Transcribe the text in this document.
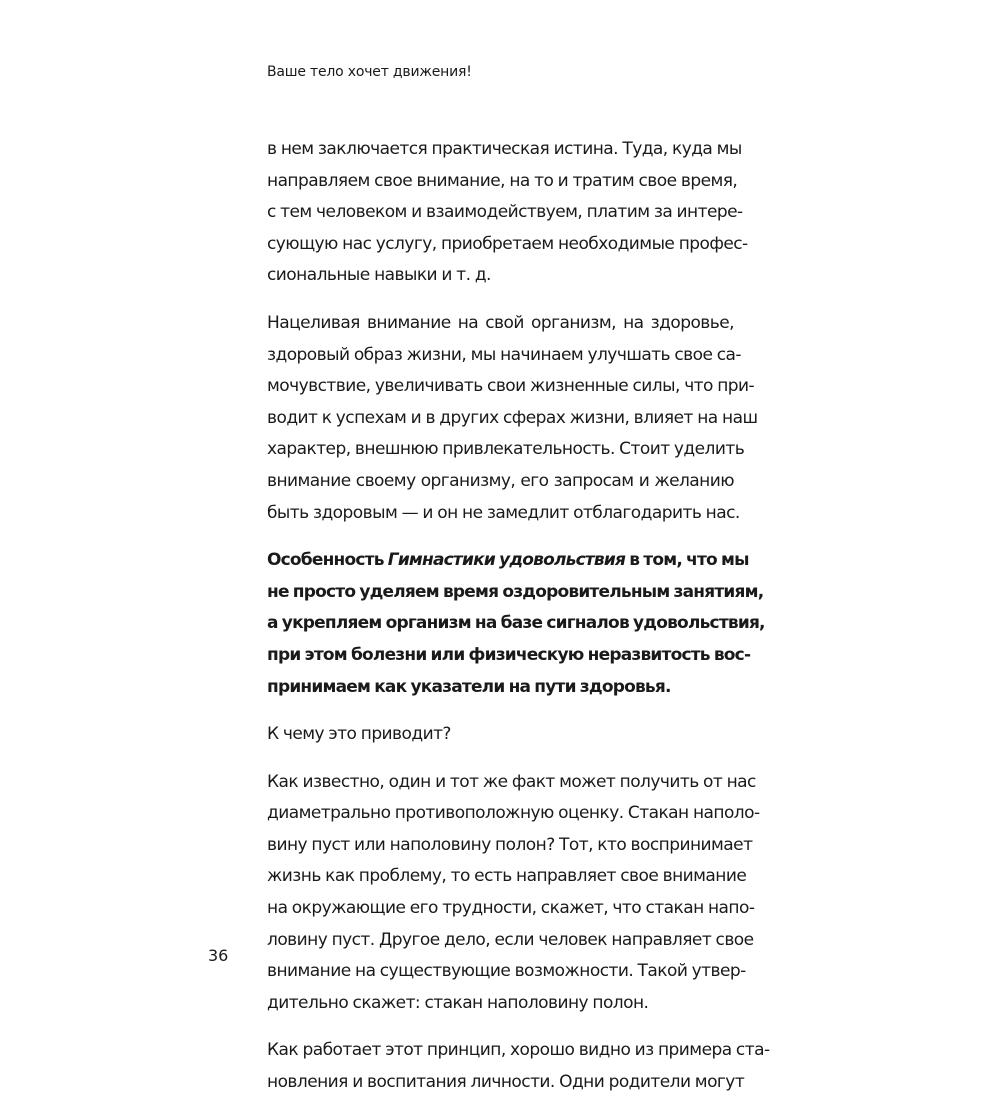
Ваше тело хочет движения!

в нем заключается практическая истина. Туда, куда мы
направляем свое внимание, на то и тратим свое время,
с тем человеком и взаимодействуем, платим за интере-
сующую нас услугу, приобретаем необходимые профес-
сиональные навыки и т. д.

Нацеливая внимание на свой организм, на здоровье,
здоровый образ жизни, мы начинаем улучшать свое са-
мочувствие, увеличивать свои жизненные силы, что при-
водит к успехам и в других сферах жизни, влияет на наш
характер, внешнюю привлекательность. Стоит уделить
внимание своему организму, его запросам и желанию
быть здоровым — и он не замедлит отблагодарить нас.

Особенность Гимнастики удовольствия в том, что мы
не просто уделяем время оздоровительным занятиям,
а укрепляем организм на базе сигналов удовольствия,
при этом болезни или физическую неразвитость вос-
принимаем как указатели на пути здоровья.

К чему это приводит?

Как известно, один и тот же факт может получить от нас
диаметрально противоположную оценку. Стакан наполо-
вину пуст или наполовину полон? Тот, кто воспринимает
жизнь как проблему, то есть направляет свое внимание
на окружающие его трудности, скажет, что стакан напо-
ловину пуст. Другое дело, если человек направляет свое
внимание на существующие возможности. Такой утвер-
дительно скажет: стакан наполовину полон.

Как работает этот принцип, хорошо видно из примера ста-
новления и воспитания личности. Одни родители могут

36
